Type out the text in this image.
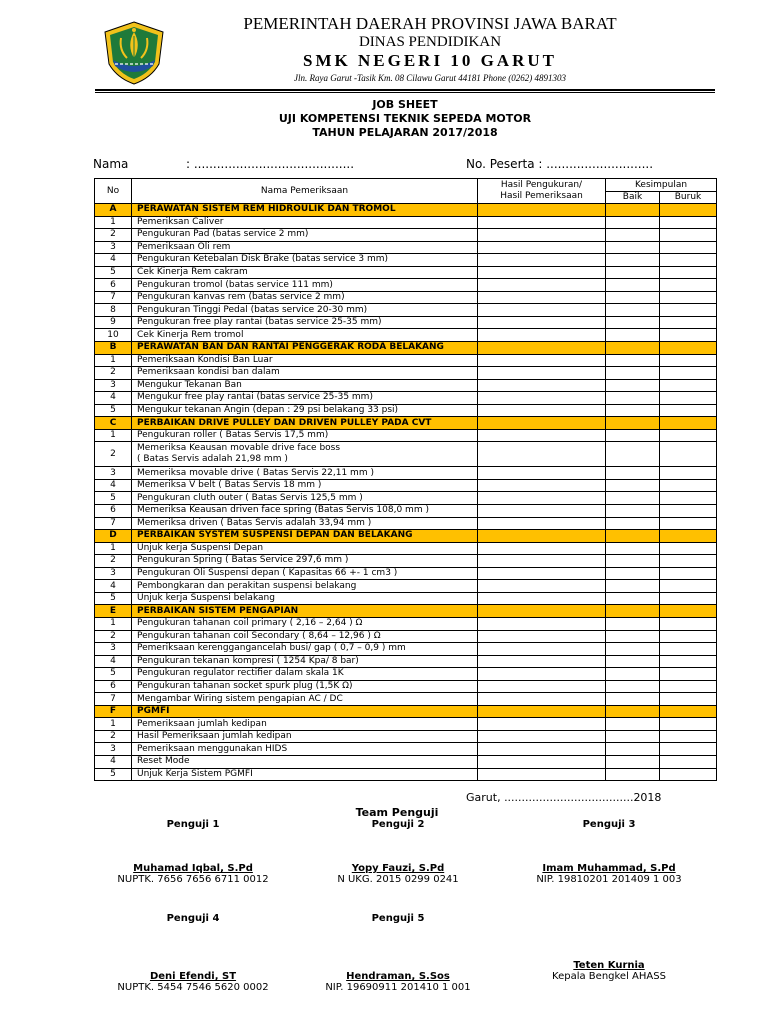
PEMERINTAH DAERAH PROVINSI JAWA BARAT
DINAS PENDIDIKAN
SMK NEGERI 10 GARUT
Jln. Raya Garut -Tasik Km. 08 Cilawu Garut 44181 Phone (0262) 4891303
JOB SHEET
UJI KOMPETENSI TEKNIK SEPEDA MOTOR
TAHUN PELAJARAN 2017/2018
Nama	: ..........................................	No. Peserta : ............................
No	Nama Pemeriksaan	Hasil Pengukuran/
Hasil Pemeriksaan	Kesimpulan	
			Baik	Buruk
A	PERAWATAN SISTEM REM HIDROULIK DAN TROMOL			
1	Pemeriksan Caliver			

2	Pengukuran Pad (batas service 2 mm)			

3	Pemeriksaan Oli rem			

4	Pengukuran Ketebalan Disk Brake (batas service 3 mm)			

5	Cek Kinerja Rem cakram			

6	Pengukuran tromol (batas service 111 mm)			

7	Pengukuran kanvas rem (batas service 2 mm)			

8	Pengukuran Tinggi Pedal (batas service 20-30 mm)			

9	Pengukuran free play rantai (batas service 25-35 mm)			

10	Cek Kinerja Rem tromol			

B	PERAWATAN BAN DAN RANTAI PENGGERAK RODA BELAKANG			
1	Pemeriksaan Kondisi Ban Luar			

2	Pemeriksaan kondisi ban dalam			

3	Mengukur Tekanan Ban			

4	Mengukur free play rantai (batas service 25-35 mm)			

5	Mengukur tekanan Angin (depan : 29 psi belakang 33 psi)			

C	PERBAIKAN DRIVE PULLEY DAN DRIVEN PULLEY PADA CVT			
1	Pengukuran roller ( Batas Servis 17,5 mm)			

2	Memeriksa Keausan movable drive face boss
( Batas Servis adalah 21,98 mm )			

3	Memeriksa movable drive ( Batas Servis 22,11 mm )			

4	Memeriksa V belt ( Batas Servis 18 mm )			

5	Pengukuran cluth outer ( Batas Servis 125,5 mm )			

6	Memeriksa Keausan driven face spring (Batas Servis 108,0 mm )			

7	Memeriksa driven ( Batas Servis adalah 33,94 mm )			

D	PERBAIKAN SYSTEM SUSPENSI DEPAN DAN BELAKANG			
1	Unjuk kerja Suspensi Depan			

2	Pengukuran Spring ( Batas Service 297,6 mm )			

3	Pengukuran Oli Suspensi depan ( Kapasitas 66 +- 1 cm3 )			

4	Pembongkaran dan perakitan suspensi belakang			

5	Unjuk kerja Suspensi belakang			

E	PERBAIKAN SISTEM PENGAPIAN			
1	Pengukuran tahanan coil primary ( 2,16 – 2,64 ) Ω			

2	Pengukuran tahanan coil Secondary ( 8,64 – 12,96 ) Ω			

3	Pemeriksaan kerenggangancelah busi/ gap ( 0,7 – 0,9 ) mm			

4	Pengukuran tekanan kompresi ( 1254 Kpa/ 8 bar)			

5	Pengukuran regulator rectifier dalam skala 1K			

6	Pengukuran tahanan socket spurk plug (1,5K Ω)			

7	Mengambar Wiring sistem pengapian AC / DC			

F	PGMFI			
1	Pemeriksaan jumlah kedipan			

2	Hasil Pemeriksaan jumlah kedipan			

3	Pemeriksaan menggunakan HIDS			

4	Reset Mode			

5	Unjuk Kerja Sistem PGMFI			

Garut, .....................................2018
Team Penguji
Penguji 1
Muhamad Iqbal, S.Pd
NUPTK. 7656 7656 6711 0012
Penguji 2
Yopy Fauzi, S.Pd
N UKG. 2015 0299 0241
Penguji 3
Imam Muhammad, S.Pd
NIP. 19810201 201409 1 003
Penguji 4
Deni Efendi, ST
NUPTK. 5454 7546 5620 0002
Penguji 5
Hendraman, S.Sos
NIP. 19690911 201410 1 001
Teten Kurnia
Kepala Bengkel AHASS
